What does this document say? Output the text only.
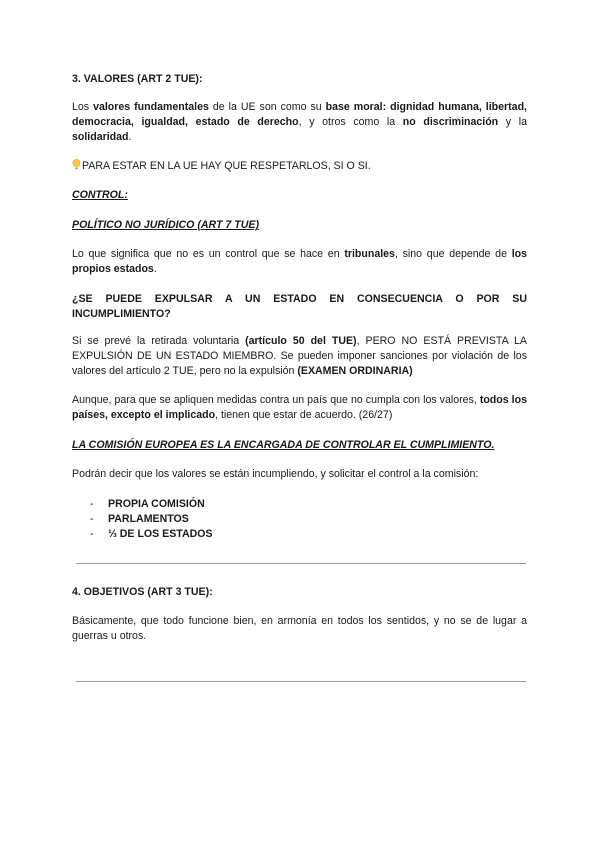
3. VALORES (ART 2 TUE):

Los valores fundamentales de la UE son como su base moral: dignidad humana, libertad, democracia, igualdad, estado de derecho, y otros como la no discriminación y la solidaridad.

PARA ESTAR EN LA UE HAY QUE RESPETARLOS, SI O SI.

CONTROL:

POLÍTICO NO JURÍDICO (ART 7 TUE)

Lo que significa que no es un control que se hace en tribunales, sino que depende de los propios estados.

¿SE PUEDE EXPULSAR A UN ESTADO EN CONSECUENCIA O POR SU
INCUMPLIMIENTO?

Si se prevé la retirada voluntaria (artículo 50 del TUE), PERO NO ESTÁ PREVISTA LA EXPULSIÓN DE UN ESTADO MIEMBRO. Se pueden imponer sanciones por violación de los valores del artículo 2 TUE, pero no la expulsión (EXAMEN ORDINARIA)

Aunque, para que se apliquen medidas contra un país que no cumpla con los valores, todos los países, excepto el implicado, tienen que estar de acuerdo. (26/27)

LA COMISIÓN EUROPEA ES LA ENCARGADA DE CONTROLAR EL CUMPLIMIENTO.

Podrán decir que los valores se están incumpliendo, y solicitar el control a la comisión:

- PROPIA COMISIÓN
- PARLAMENTOS
- ⅓ DE LOS ESTADOS

4. OBJETIVOS (ART 3 TUE):

Básicamente, que todo funcione bien, en armonía en todos los sentidos, y no se de lugar a guerras u otros.
